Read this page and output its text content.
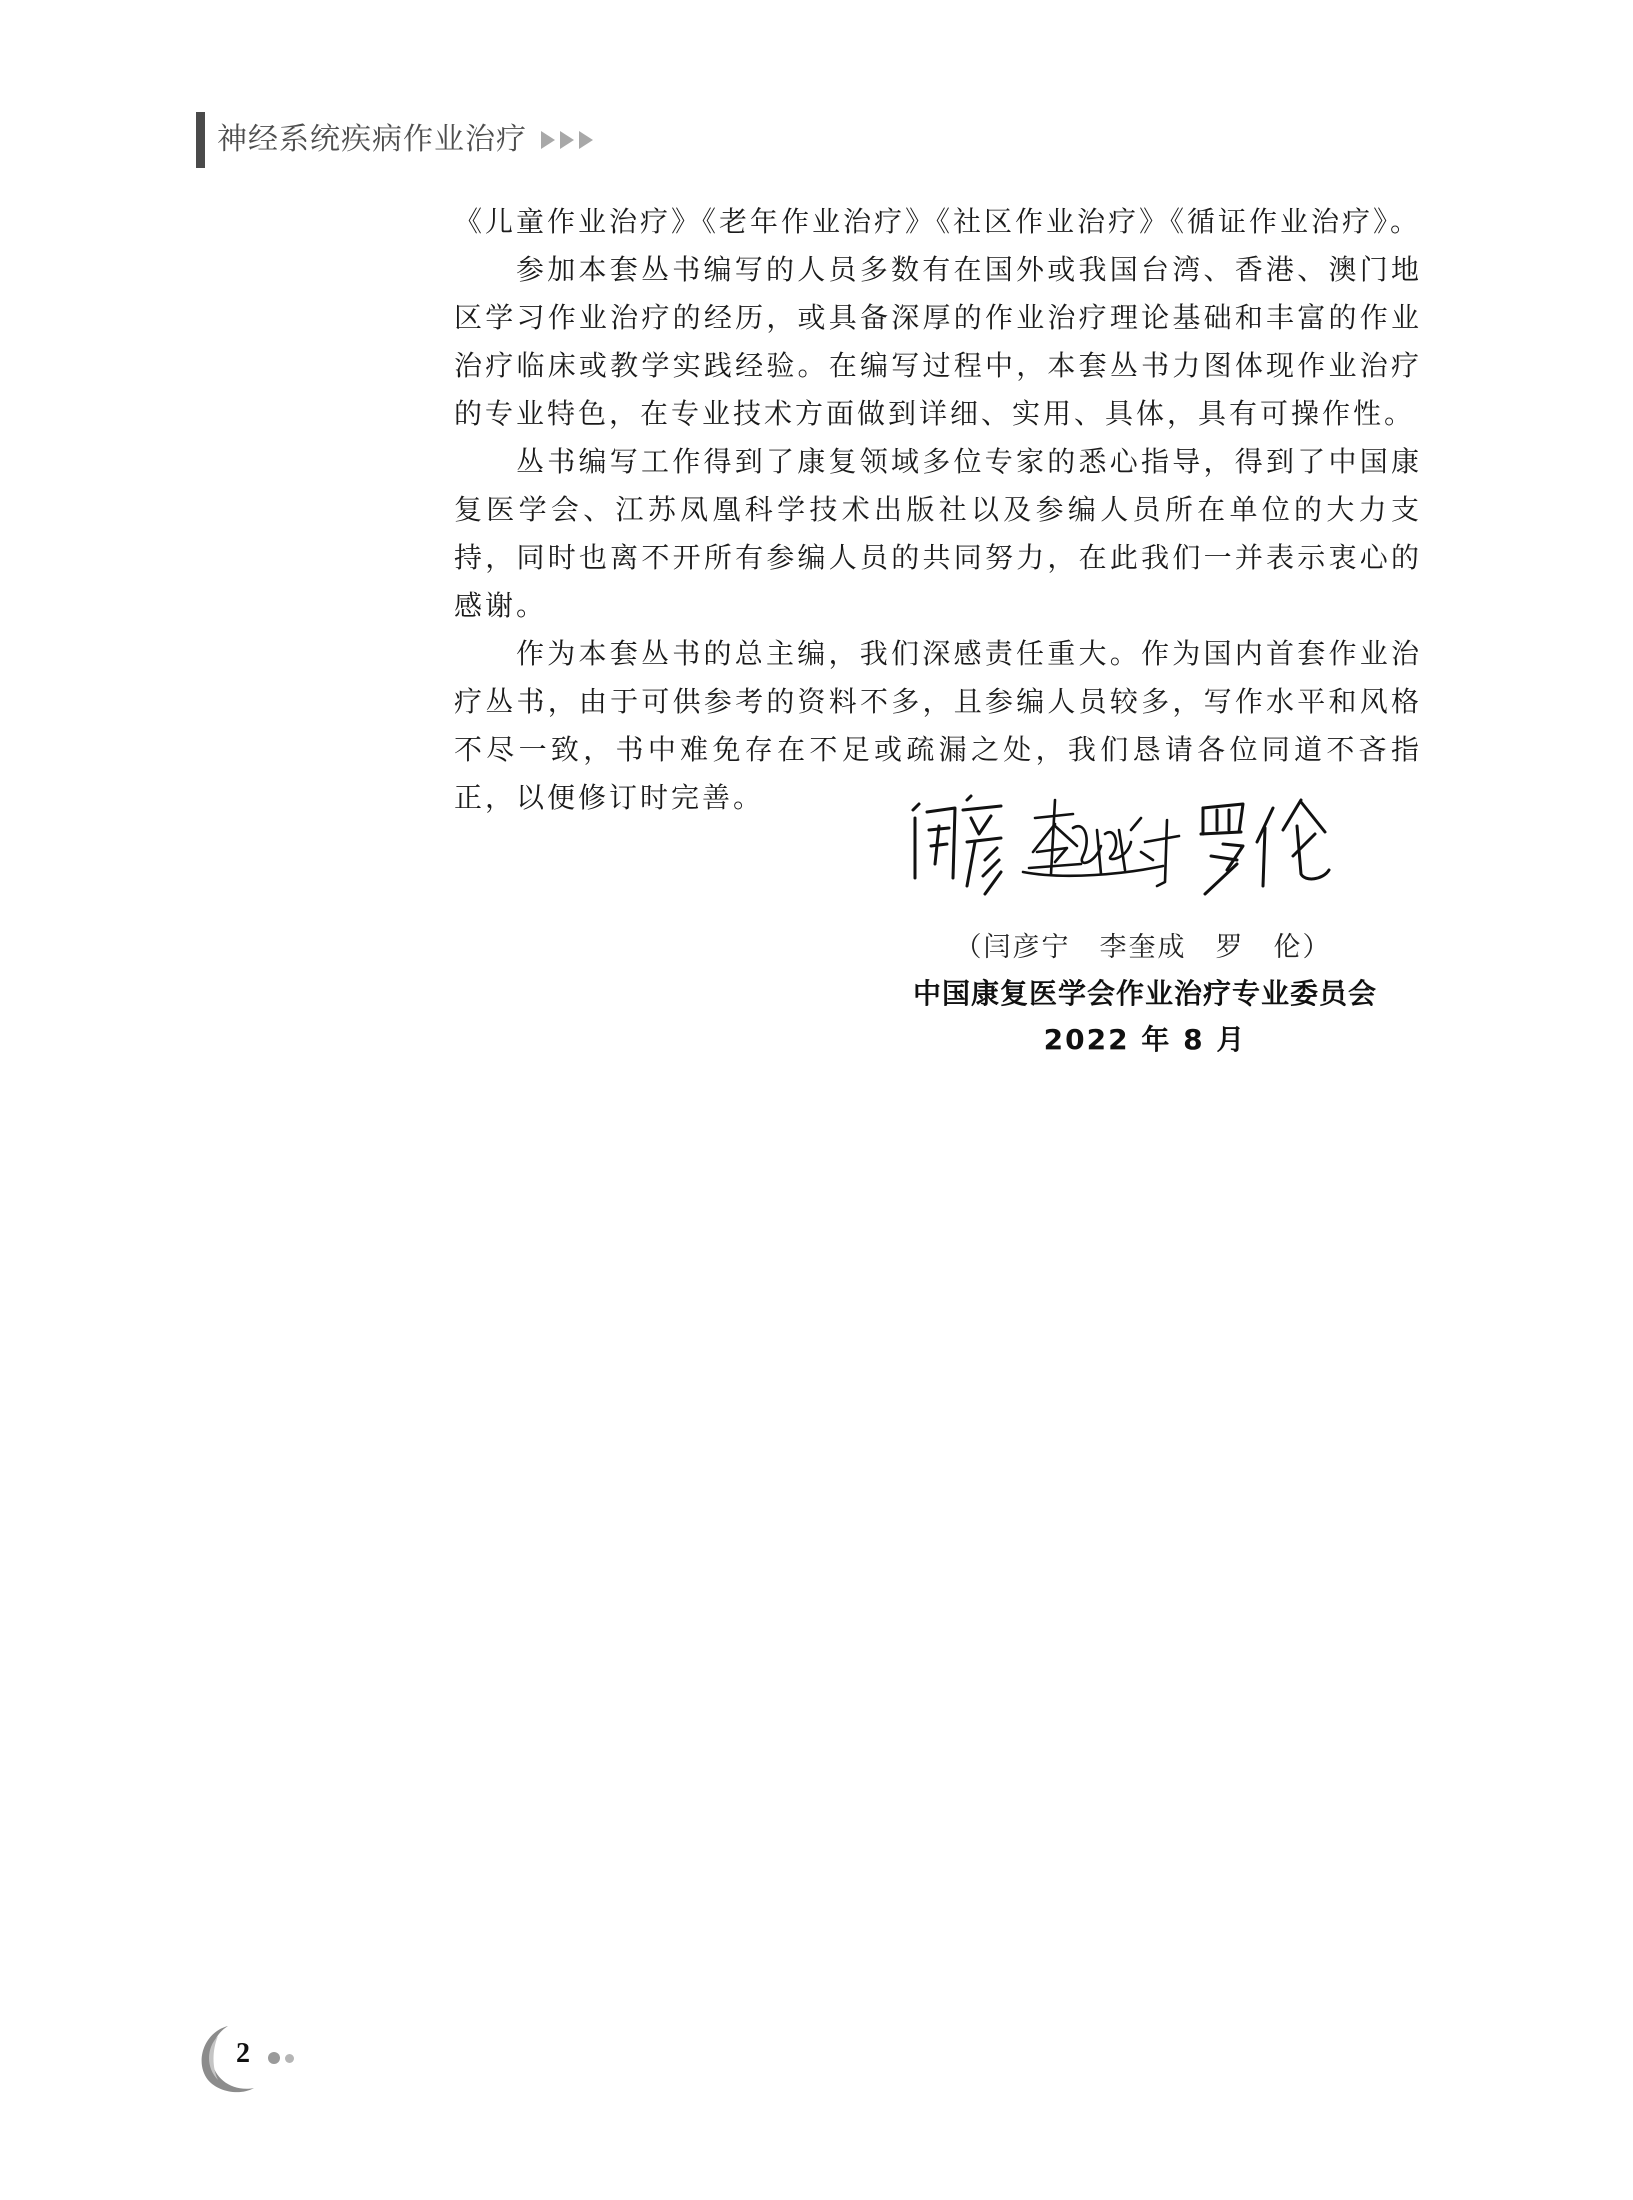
神经系统疾病作业治疗

《儿童作业治疗》《老年作业治疗》《社区作业治疗》《循证作业治疗》。

参加本套丛书编写的人员多数有在国外或我国台湾、香港、澳门地区学习作业治疗的经历，或具备深厚的作业治疗理论基础和丰富的作业治疗临床或教学实践经验。在编写过程中，本套丛书力图体现作业治疗的专业特色，在专业技术方面做到详细、实用、具体，具有可操作性。

丛书编写工作得到了康复领域多位专家的悉心指导，得到了中国康复医学会、江苏凤凰科学技术出版社以及参编人员所在单位的大力支持，同时也离不开所有参编人员的共同努力，在此我们一并表示衷心的感谢。

作为本套丛书的总主编，我们深感责任重大。作为国内首套作业治疗丛书，由于可供参考的资料不多，且参编人员较多，写作水平和风格不尽一致，书中难免存在不足或疏漏之处，我们恳请各位同道不吝指正，以便修订时完善。

（闫彦宁　李奎成　罗　伦）
中国康复医学会作业治疗专业委员会
2022 年 8 月
2
